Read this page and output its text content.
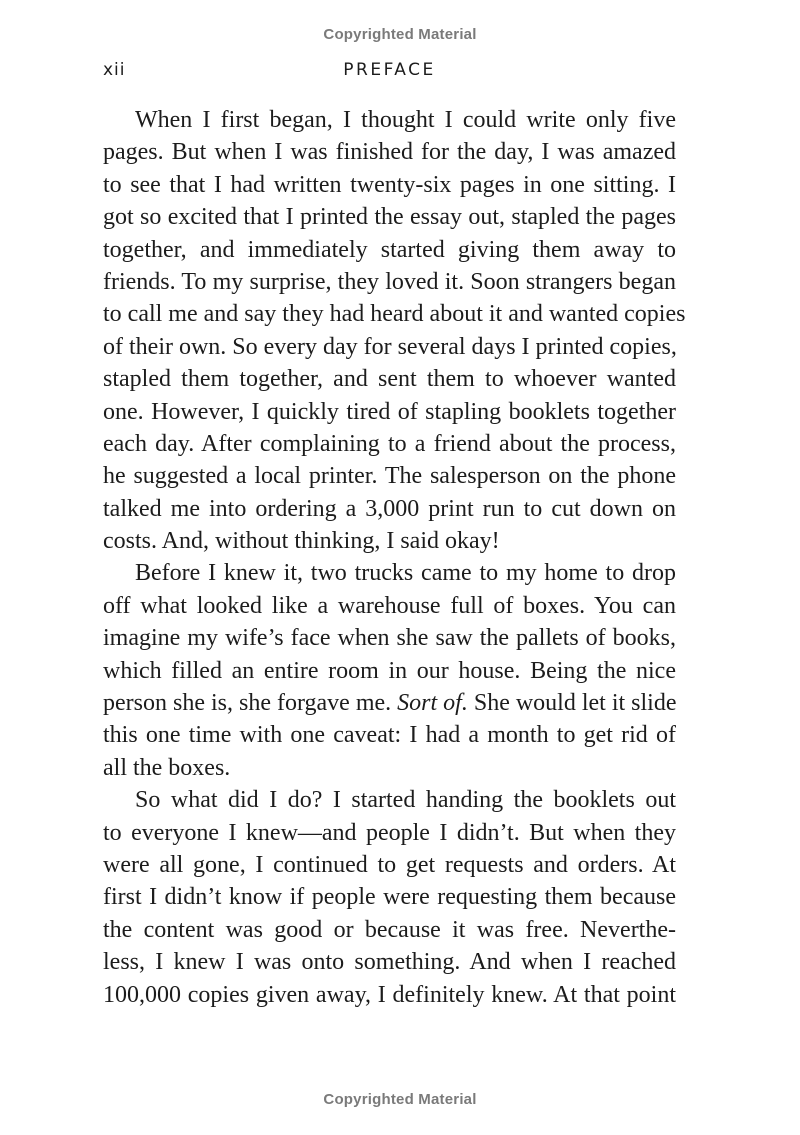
Copyrighted Material
xii	PREFACE
When I first began, I thought I could write only five
pages. But when I was finished for the day, I was amazed
to see that I had written twenty-six pages in one sitting. I
got so excited that I printed the essay out, stapled the pages
together, and immediately started giving them away to
friends. To my surprise, they loved it. Soon strangers began
to call me and say they had heard about it and wanted copies
of their own. So every day for several days I printed copies,
stapled them together, and sent them to whoever wanted
one. However, I quickly tired of stapling booklets together
each day. After complaining to a friend about the process,
he suggested a local printer. The salesperson on the phone
talked me into ordering a 3,000 print run to cut down on
costs. And, without thinking, I said okay!
Before I knew it, two trucks came to my home to drop
off what looked like a warehouse full of boxes. You can
imagine my wife’s face when she saw the pallets of books,
which filled an entire room in our house. Being the nice
person she is, she forgave me. Sort of. She would let it slide
this one time with one caveat: I had a month to get rid of
all the boxes.
So what did I do? I started handing the booklets out
to everyone I knew—and people I didn’t. But when they
were all gone, I continued to get requests and orders. At
first I didn’t know if people were requesting them because
the content was good or because it was free. Neverthe-
less, I knew I was onto something. And when I reached
100,000 copies given away, I definitely knew. At that point
Copyrighted Material
